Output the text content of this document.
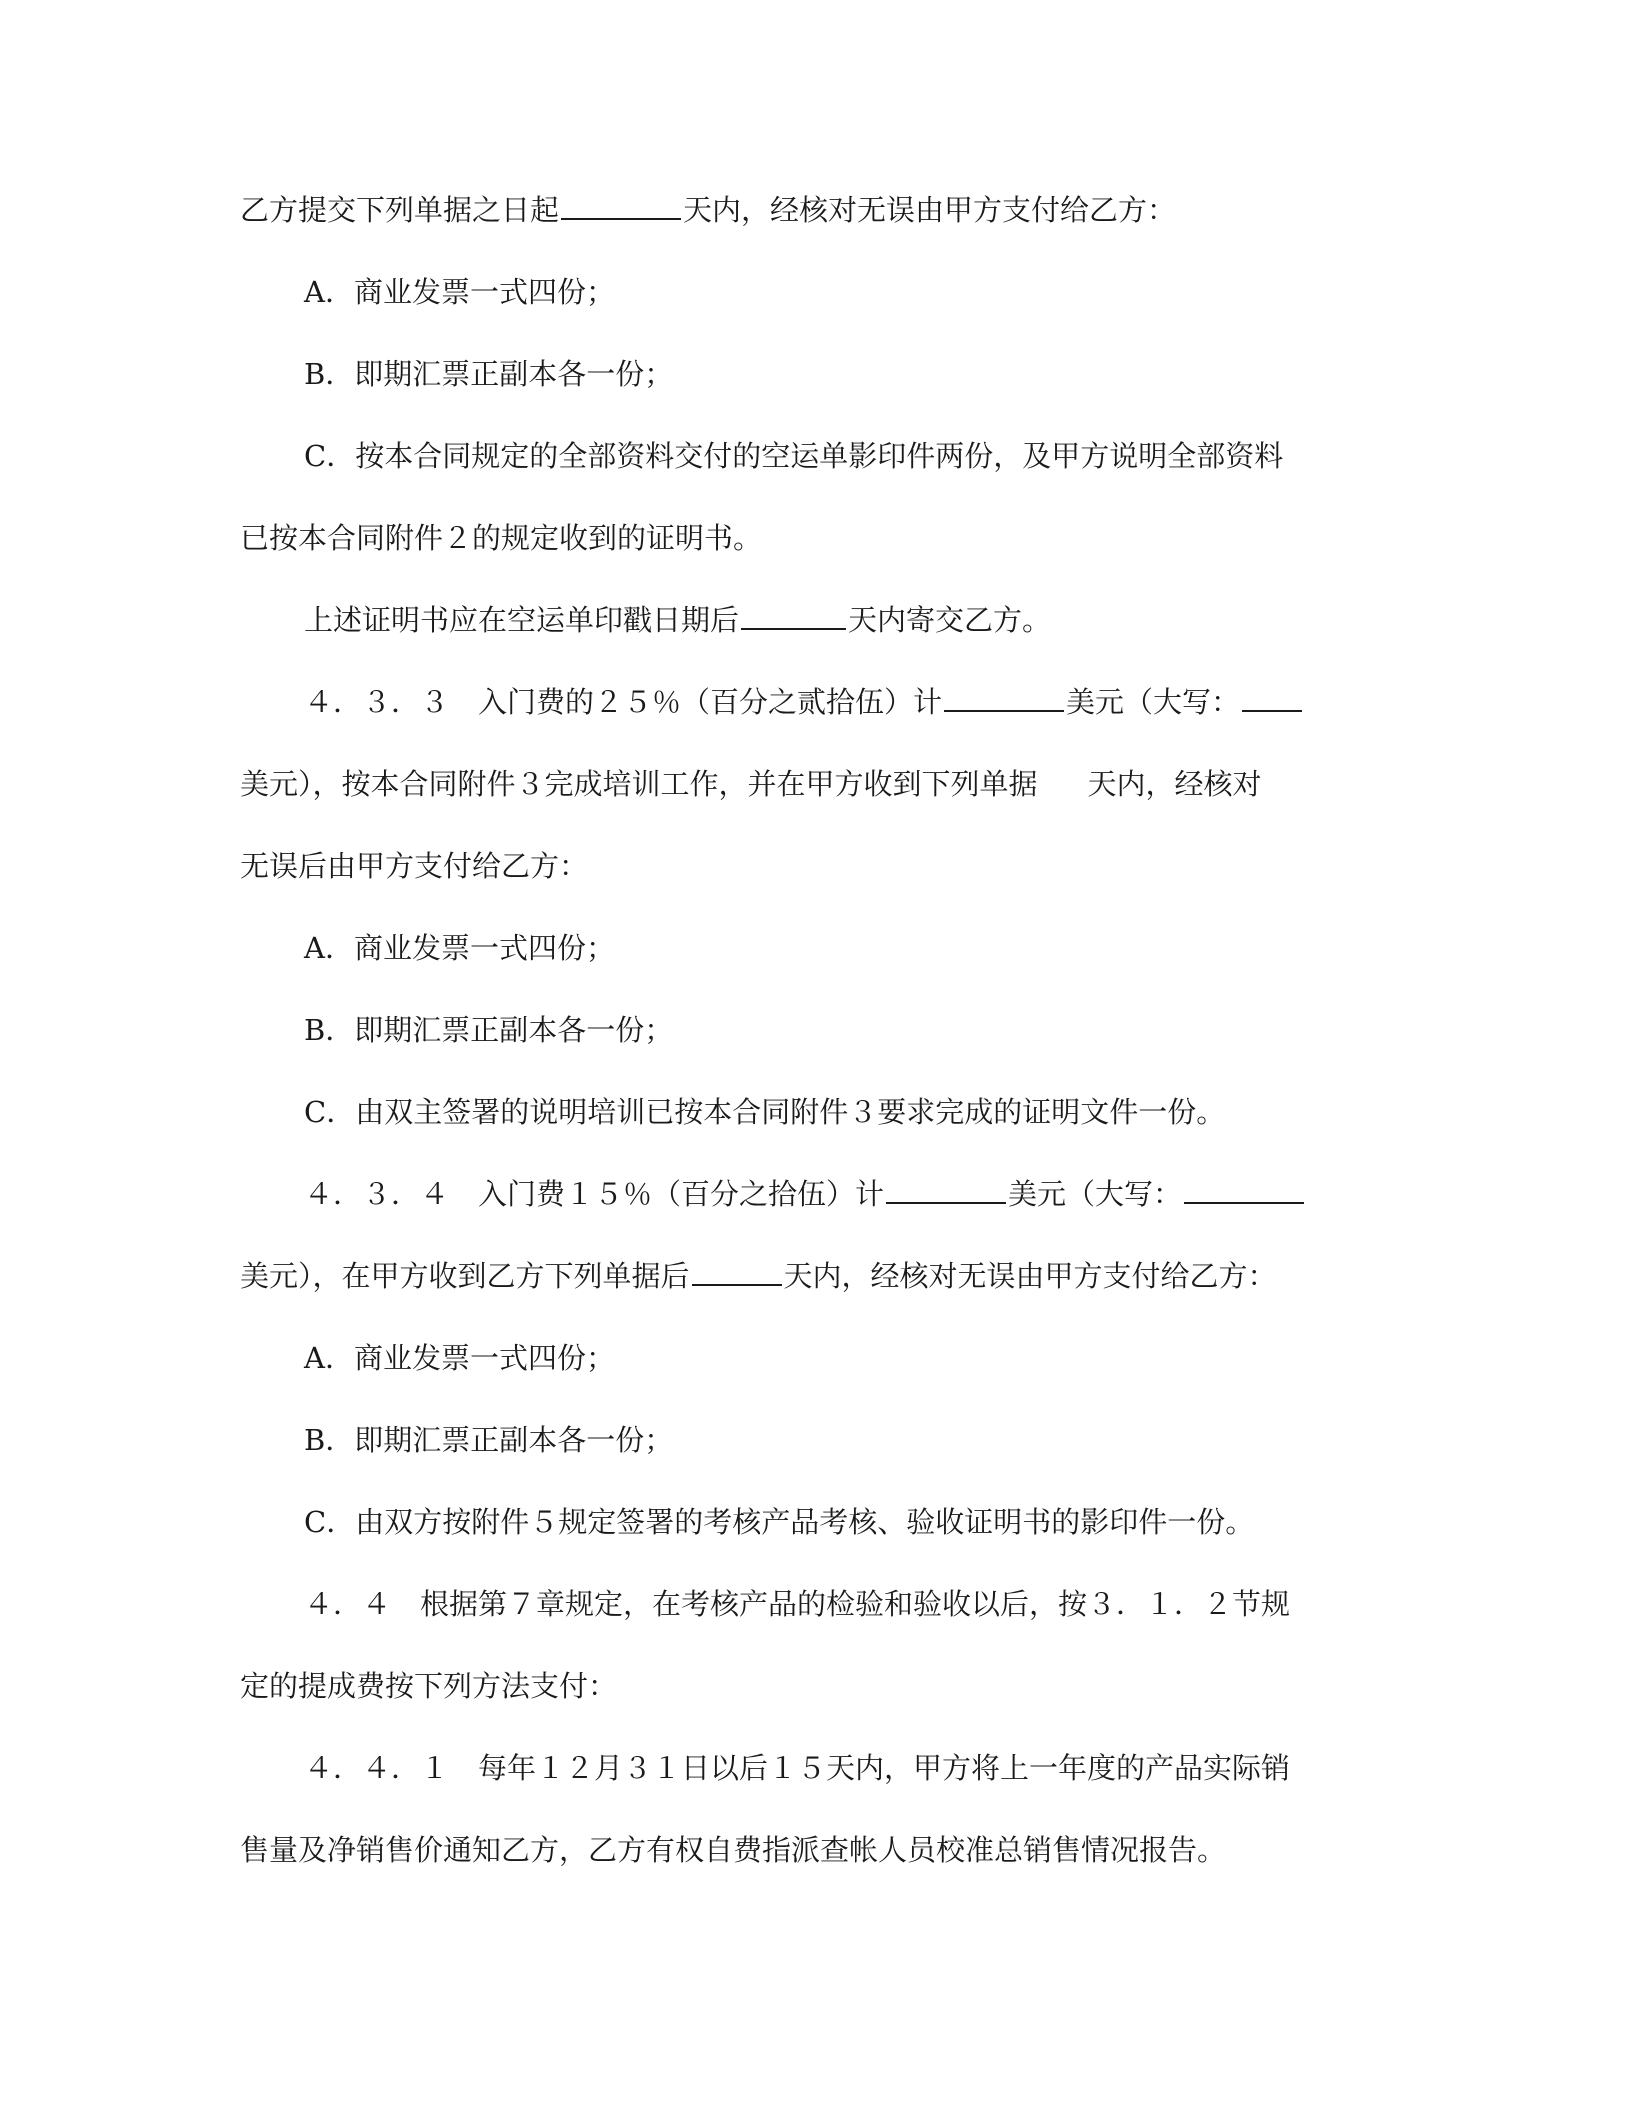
乙方提交下列单据之日起	天内，经核对无误由甲方支付给乙方：
A．商业发票一式四份；
B．即期汇票正副本各一份；
C．按本合同规定的全部资料交付的空运单影印件两份，及甲方说明全部资料
已按本合同附件２的规定收到的证明书。
上述证明书应在空运单印戳日期后	天内寄交乙方。
４．３．３　入门费的２５％（百分之贰拾伍）计	美元（大写：
美元），按本合同附件３完成培训工作，并在甲方收到下列单据 天内，经核对
无误后由甲方支付给乙方：
A．商业发票一式四份；
B．即期汇票正副本各一份；
C．由双主签署的说明培训已按本合同附件３要求完成的证明文件一份。
４．３．４　入门费１５％（百分之拾伍）计	美元（大写：
美元），在甲方收到乙方下列单据后	天内，经核对无误由甲方支付给乙方：
A．商业发票一式四份；
B．即期汇票正副本各一份；
C．由双方按附件５规定签署的考核产品考核、验收证明书的影印件一份。
４．４　根据第７章规定，在考核产品的检验和验收以后，按３．１．２节规
定的提成费按下列方法支付：
４．４．１　每年１２月３１日以后１５天内，甲方将上一年度的产品实际销
售量及净销售价通知乙方，乙方有权自费指派查帐人员校准总销售情况报告。
